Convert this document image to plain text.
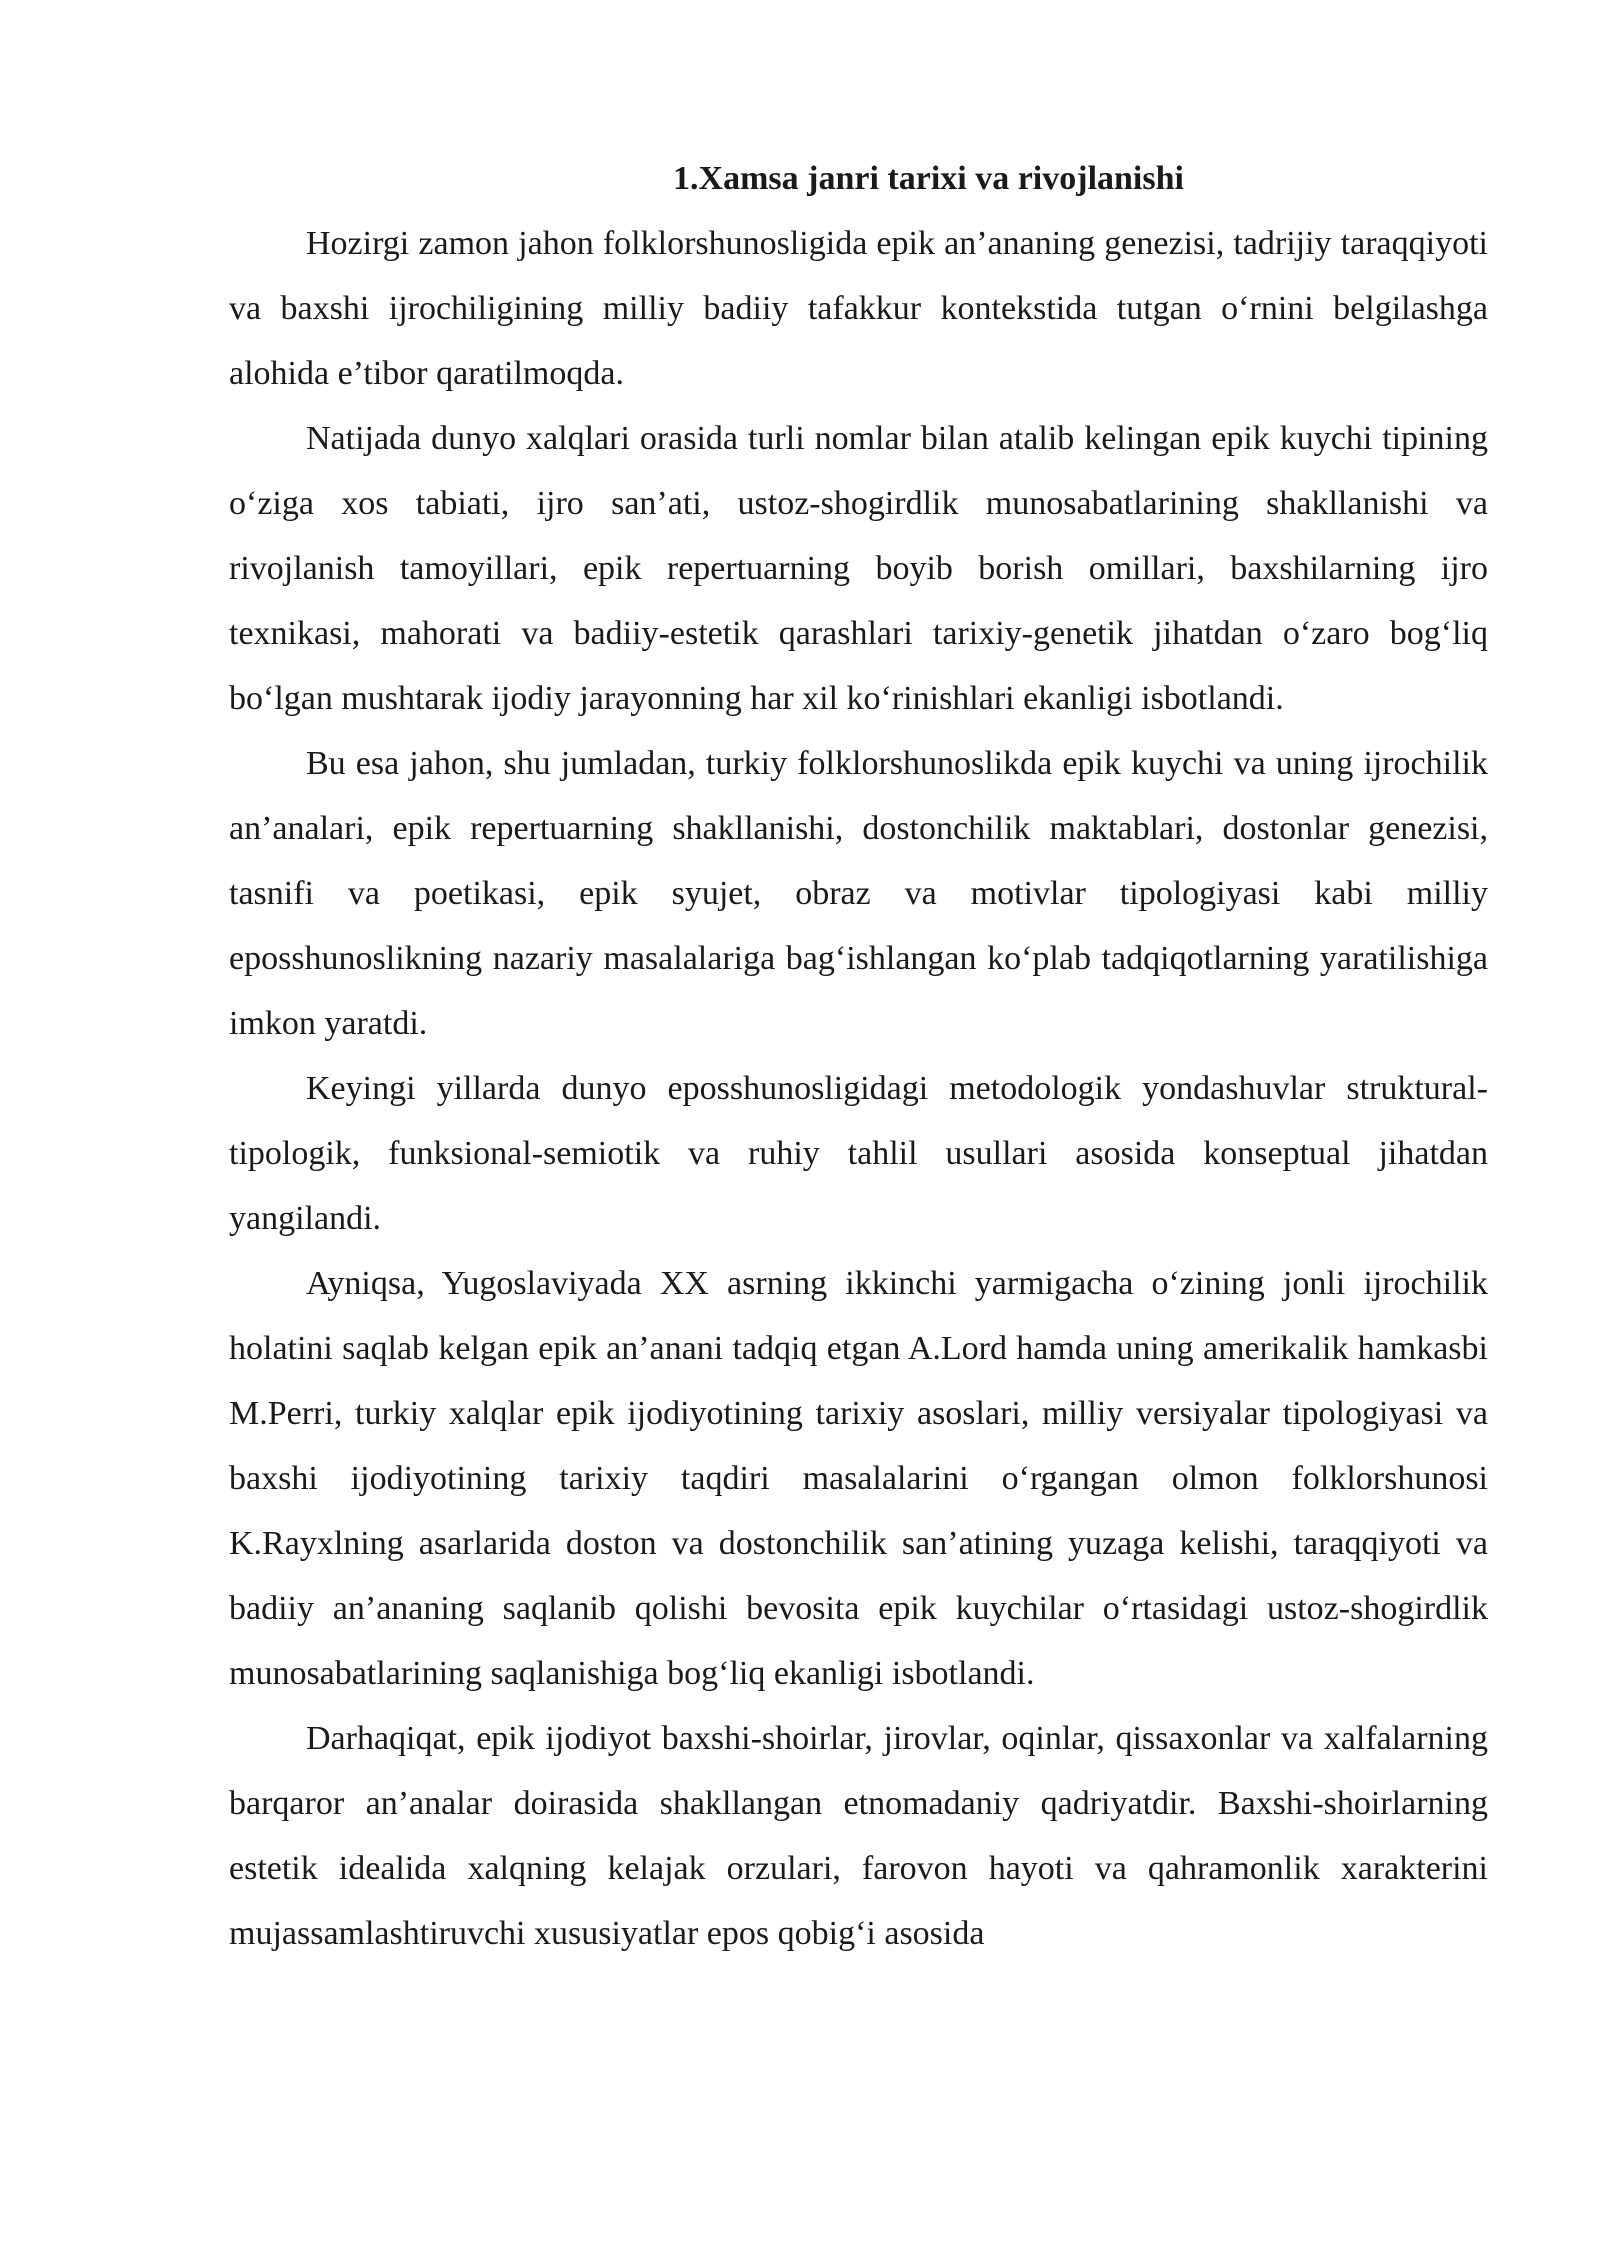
1.Xamsa janri tarixi va rivojlanishi

Hozirgi zamon jahon folklorshunosligida epik an’ananing genezisi, tadrijiy taraqqiyoti va baxshi ijrochiligining milliy badiiy tafakkur kontekstida tutgan o‘rnini belgilashga alohida e’tibor qaratilmoqda.

Natijada dunyo xalqlari orasida turli nomlar bilan atalib kelingan epik kuychi tipining o‘ziga xos tabiati, ijro san’ati, ustoz-shogirdlik munosabatlarining shakllanishi va rivojlanish tamoyillari, epik repertuarning boyib borish omillari, baxshilarning ijro texnikasi, mahorati va badiiy-estetik qarashlari tarixiy-genetik jihatdan o‘zaro bog‘liq bo‘lgan mushtarak ijodiy jarayonning har xil ko‘rinishlari ekanligi isbotlandi.

Bu esa jahon, shu jumladan, turkiy folklorshunoslikda epik kuychi va uning ijrochilik an’analari, epik repertuarning shakllanishi, dostonchilik maktablari, dostonlar genezisi, tasnifi va poetikasi, epik syujet, obraz va motivlar tipologiyasi kabi milliy eposshunoslikning nazariy masalalariga bag‘ishlangan ko‘plab tadqiqotlarning yaratilishiga imkon yaratdi.

Keyingi yillarda dunyo eposshunosligidagi metodologik yondashuvlar struktural-tipologik, funksional-semiotik va ruhiy tahlil usullari asosida konseptual jihatdan yangilandi.

Ayniqsa, Yugoslaviyada XX asrning ikkinchi yarmigacha o‘zining jonli ijrochilik holatini saqlab kelgan epik an’anani tadqiq etgan A.Lord hamda uning amerikalik hamkasbi M.Perri, turkiy xalqlar epik ijodiyotining tarixiy asoslari, milliy versiyalar tipologiyasi va baxshi ijodiyotining tarixiy taqdiri masalalarini o‘rgangan olmon folklorshunosi K.Rayxlning asarlarida doston va dostonchilik san’atining yuzaga kelishi, taraqqiyoti va badiiy an’ananing saqlanib qolishi bevosita epik kuychilar o‘rtasidagi ustoz-shogirdlik munosabatlarining saqlanishiga bog‘liq ekanligi isbotlandi.

Darhaqiqat, epik ijodiyot baxshi-shoirlar, jirovlar, oqinlar, qissaxonlar va xalfalarning barqaror an’analar doirasida shakllangan etnomadaniy qadriyatdir. Baxshi-shoirlarning estetik idealida xalqning kelajak orzulari, farovon hayoti va qahramonlik xarakterini mujassamlashtiruvchi xususiyatlar epos qobig‘i asosida
